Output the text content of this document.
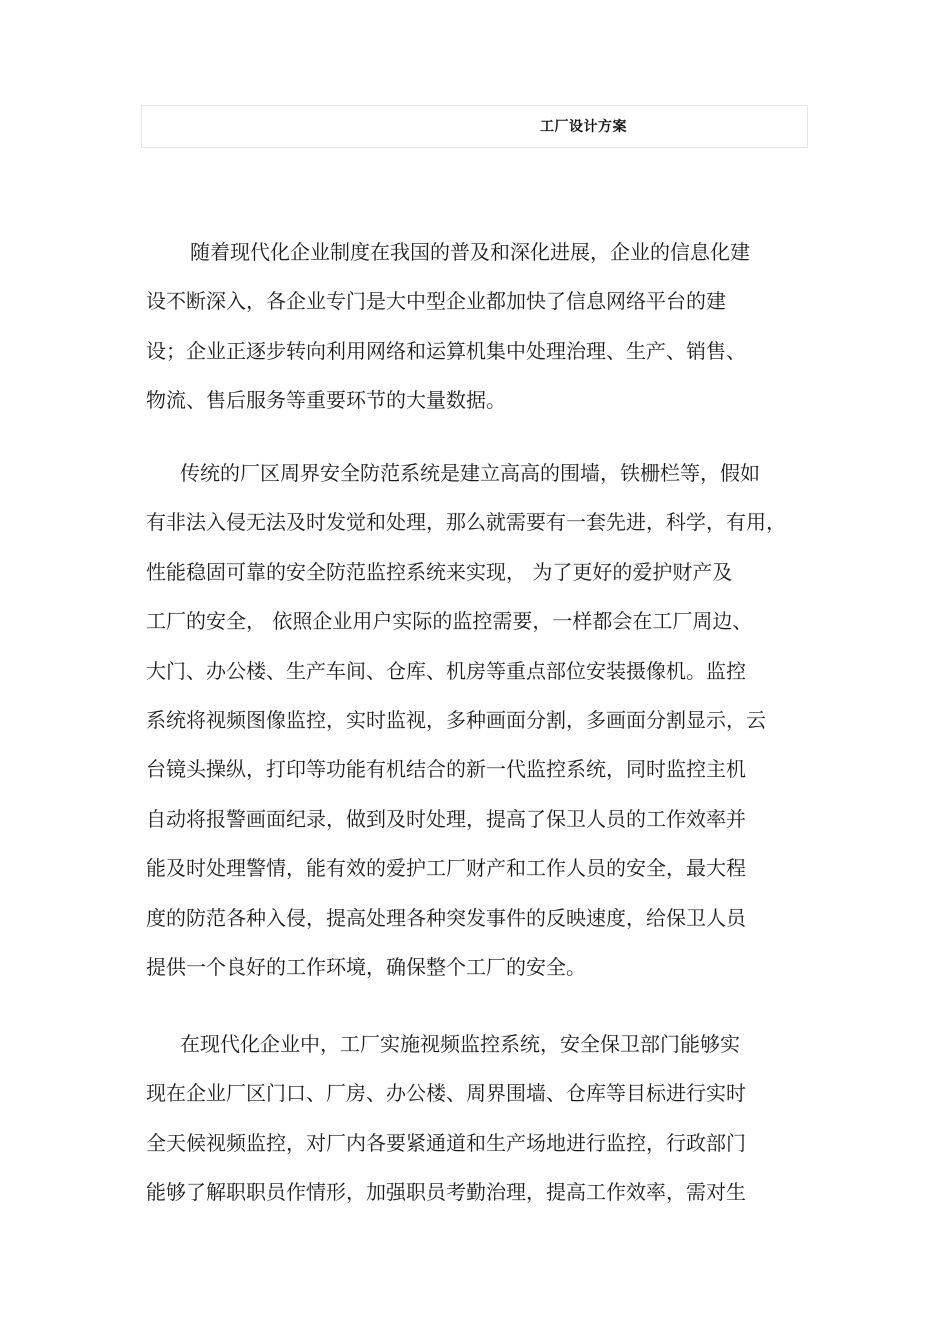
工厂设计方案
随着现代化企业制度在我国的普及和深化进展，企业的信息化建
设不断深入，各企业专门是大中型企业都加快了信息网络平台的建
设；企业正逐步转向利用网络和运算机集中处理治理、生产、销售、
物流、售后服务等重要环节的大量数据。
传统的厂区周界安全防范系统是建立高高的围墙，铁栅栏等，假如
有非法入侵无法及时发觉和处理，那么就需要有一套先进，科学，有用，
性能稳固可靠的安全防范监控系统来实现， 为了更好的爱护财产及
工厂的安全， 依照企业用户实际的监控需要，一样都会在工厂周边、
大门、办公楼、生产车间、仓库、机房等重点部位安装摄像机。监控
系统将视频图像监控，实时监视，多种画面分割，多画面分割显示，云
台镜头操纵，打印等功能有机结合的新一代监控系统，同时监控主机
自动将报警画面纪录，做到及时处理，提高了保卫人员的工作效率并
能及时处理警情，能有效的爱护工厂财产和工作人员的安全，最大程
度的防范各种入侵，提高处理各种突发事件的反映速度，给保卫人员
提供一个良好的工作环境，确保整个工厂的安全。
在现代化企业中，工厂实施视频监控系统，安全保卫部门能够实
现在企业厂区门口、厂房、办公楼、周界围墙、仓库等目标进行实时
全天候视频监控，对厂内各要紧通道和生产场地进行监控，行政部门
能够了解职职员作情形，加强职员考勤治理，提高工作效率，需对生
